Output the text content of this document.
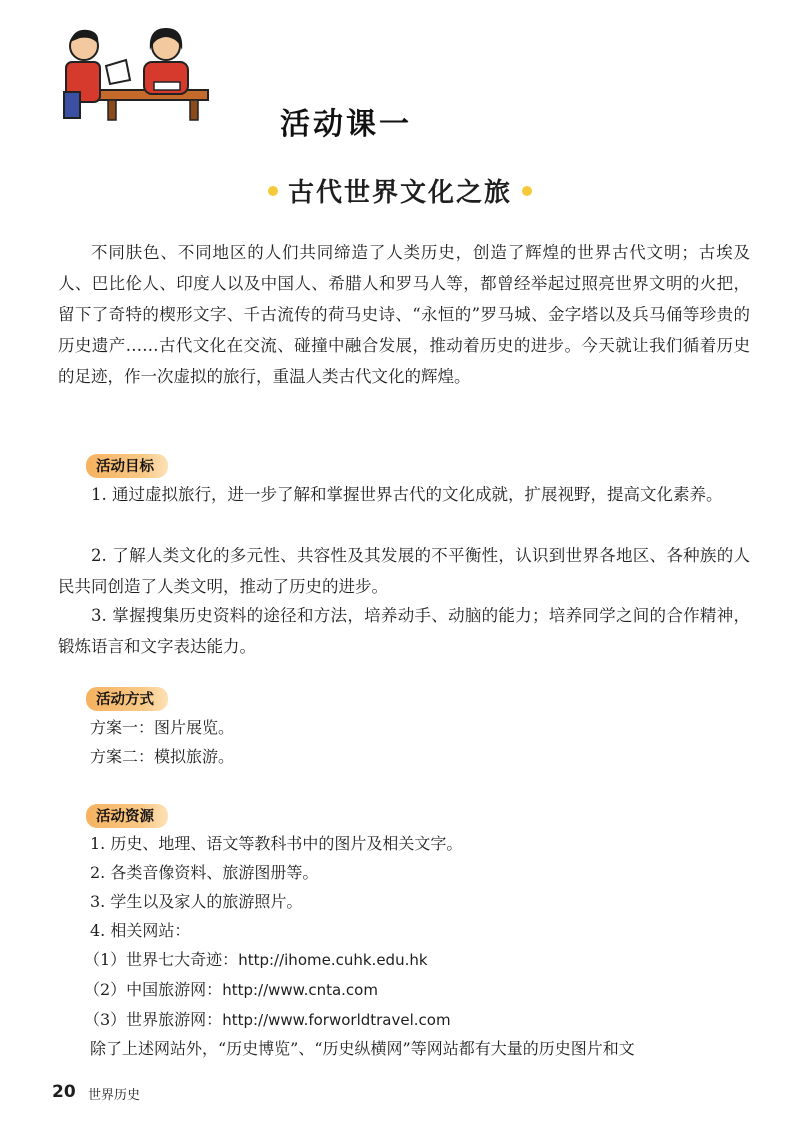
活动课一
古代世界文化之旅

不同肤色、不同地区的人们共同缔造了人类历史，创造了辉煌的世界古代文明；古埃及人、巴比伦人、印度人以及中国人、希腊人和罗马人等，都曾经举起过照亮世界文明的火把，留下了奇特的楔形文字、千古流传的荷马史诗、“永恒的”罗马城、金字塔以及兵马俑等珍贵的历史遗产……古代文化在交流、碰撞中融合发展，推动着历史的进步。今天就让我们循着历史的足迹，作一次虚拟的旅行，重温人类古代文化的辉煌。

活动目标

1. 通过虚拟旅行，进一步了解和掌握世界古代的文化成就，扩展视野，提高文化素养。

2. 了解人类文化的多元性、共容性及其发展的不平衡性，认识到世界各地区、各种族的人民共同创造了人类文明，推动了历史的进步。

3. 掌握搜集历史资料的途径和方法，培养动手、动脑的能力；培养同学之间的合作精神，锻炼语言和文字表达能力。

活动方式
方案一：图片展览。
方案二：模拟旅游。
活动资源
1. 历史、地理、语文等教科书中的图片及相关文字。
2. 各类音像资料、旅游图册等。
3. 学生以及家人的旅游照片。
4. 相关网站：
（1）世界七大奇迹：http://ihome.cuhk.edu.hk
（2）中国旅游网：http://www.cnta.com
（3）世界旅游网：http://www.forworldtravel.com
除了上述网站外，“历史博览”、“历史纵横网”等网站都有大量的历史图片和文
20 世界历史
